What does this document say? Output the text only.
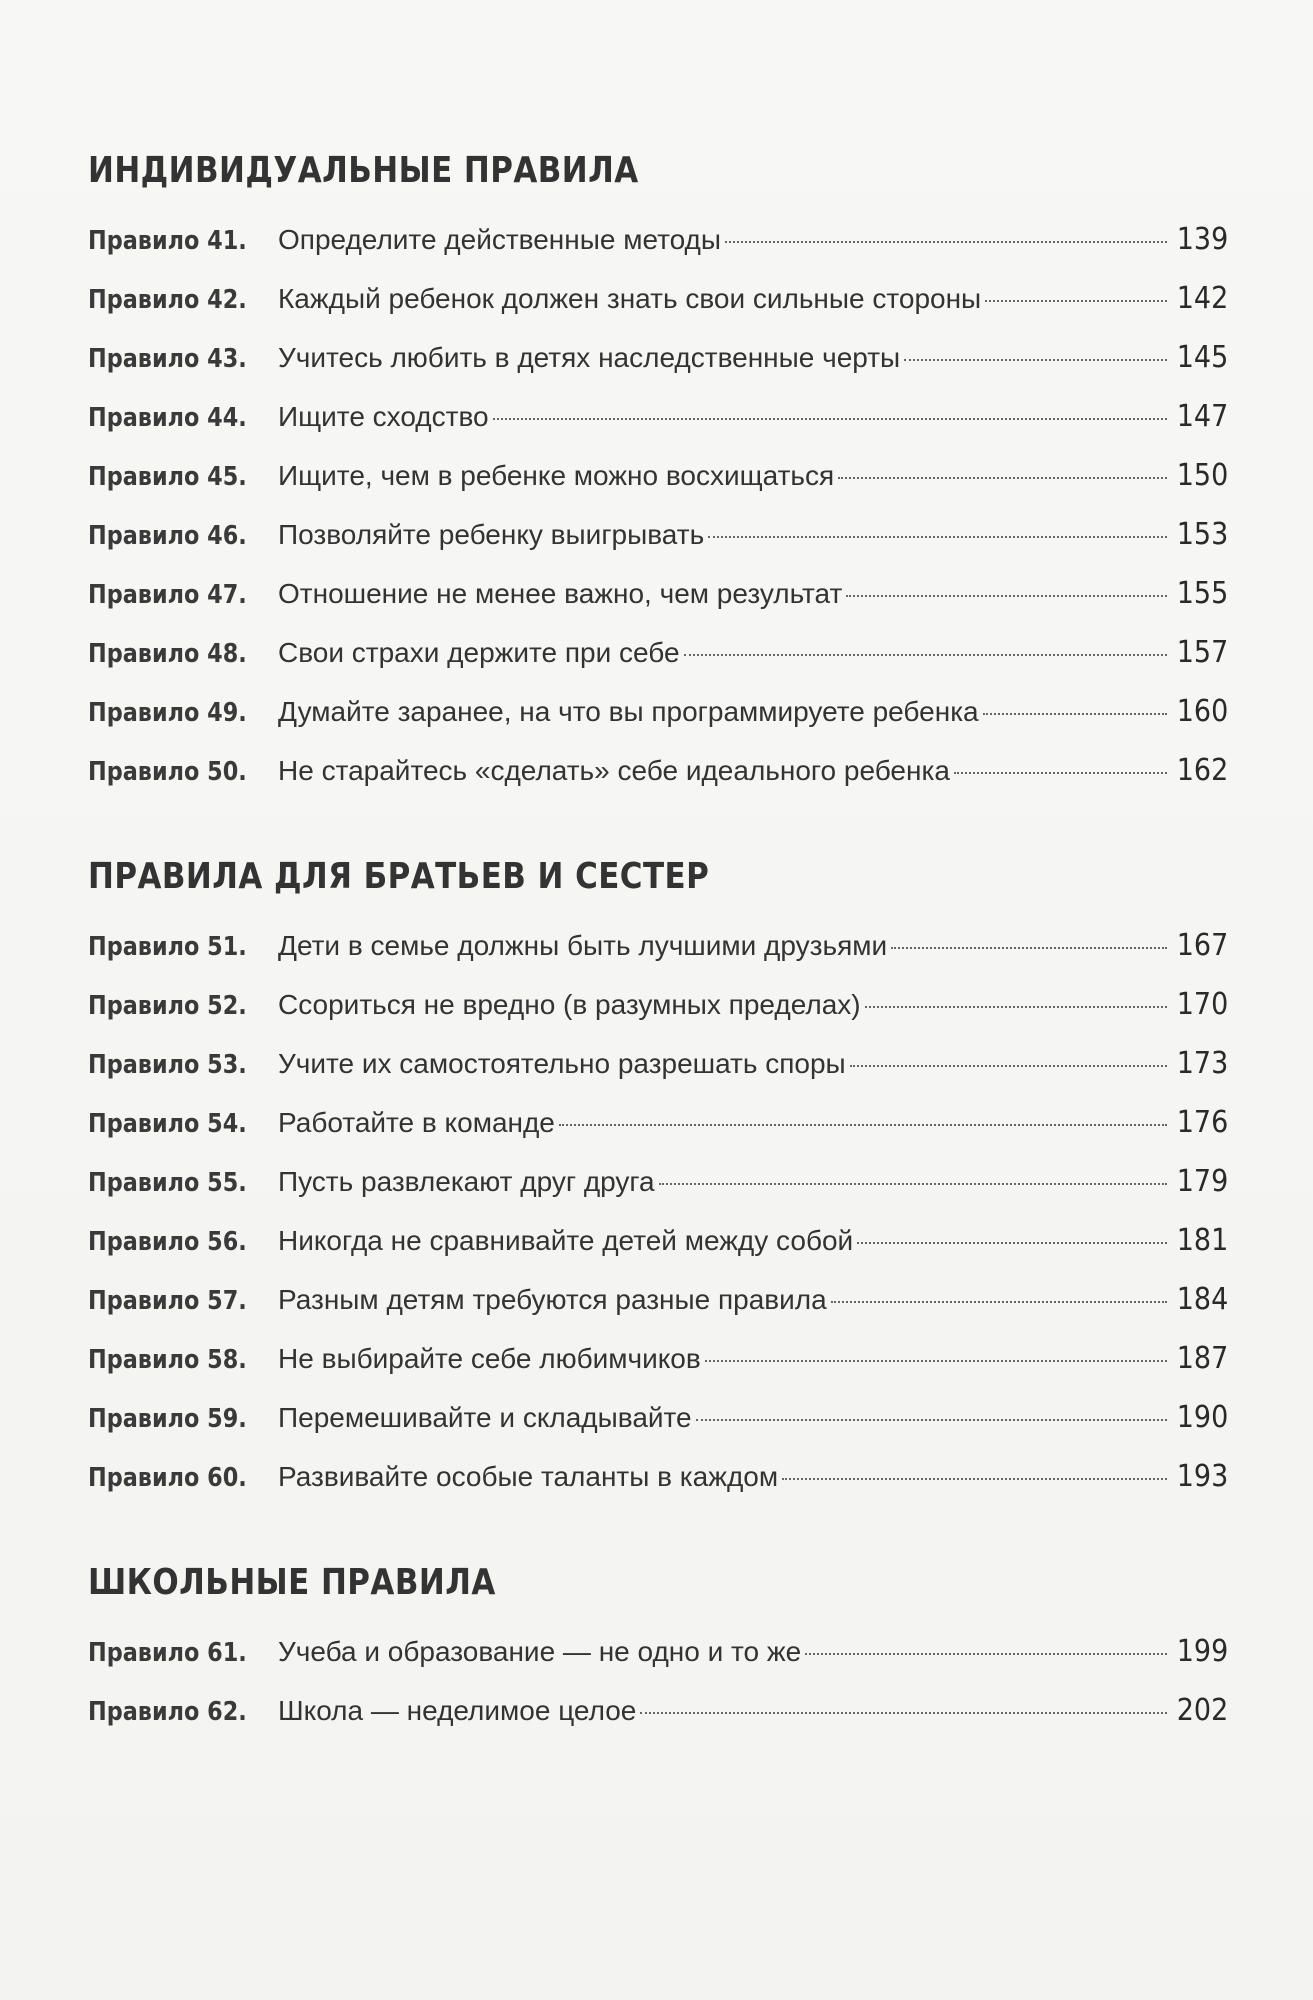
ИНДИВИДУАЛЬНЫЕ ПРАВИЛА
Правило 41. Определите действенные методы	139
Правило 42. Каждый ребенок должен знать свои сильные стороны	142
Правило 43. Учитесь любить в детях наследственные черты	145
Правило 44. Ищите сходство	147
Правило 45. Ищите, чем в ребенке можно восхищаться	150
Правило 46. Позволяйте ребенку выигрывать	153
Правило 47. Отношение не менее важно, чем результат	155
Правило 48. Свои страхи держите при себе	157
Правило 49. Думайте заранее, на что вы программируете ребенка	160
Правило 50. Не старайтесь «сделать» себе идеального ребенка	162
ПРАВИЛА ДЛЯ БРАТЬЕВ И СЕСТЕР
Правило 51. Дети в семье должны быть лучшими друзьями	167
Правило 52. Ссориться не вредно (в разумных пределах)	170
Правило 53. Учите их самостоятельно разрешать споры	173
Правило 54. Работайте в команде	176
Правило 55. Пусть развлекают друг друга	179
Правило 56. Никогда не сравнивайте детей между собой	181
Правило 57. Разным детям требуются разные правила	184
Правило 58. Не выбирайте себе любимчиков	187
Правило 59. Перемешивайте и складывайте	190
Правило 60. Развивайте особые таланты в каждом	193
ШКОЛЬНЫЕ ПРАВИЛА
Правило 61. Учеба и образование — не одно и то же	199
Правило 62. Школа — неделимое целое	202
